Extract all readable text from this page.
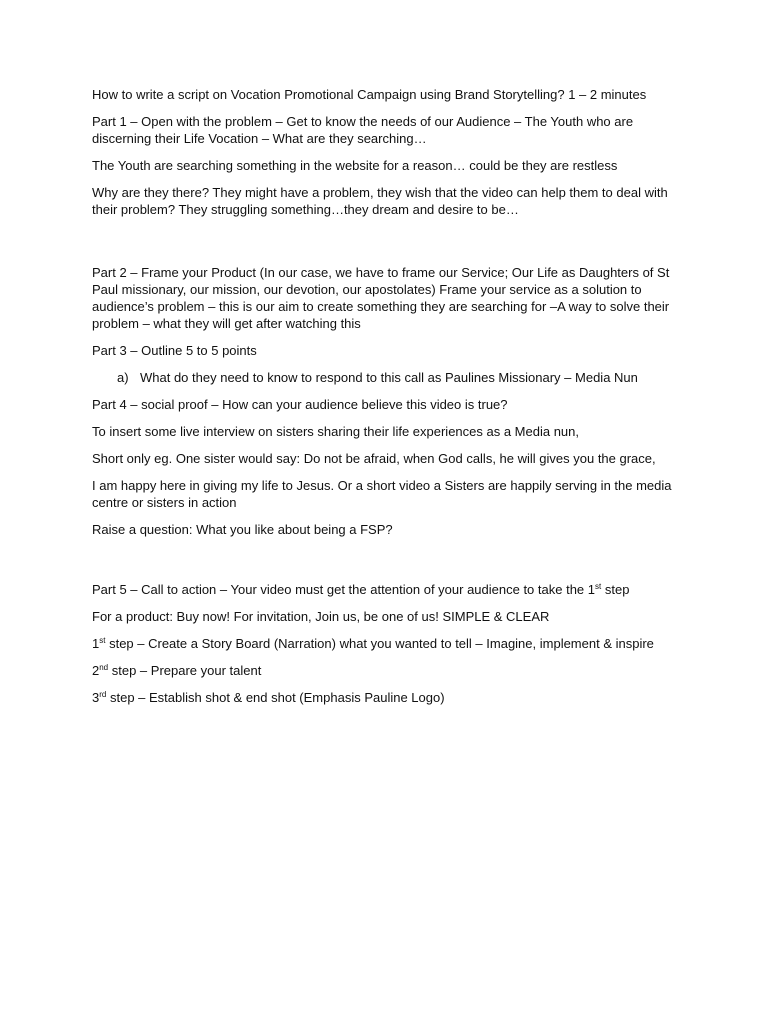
How to write a script on Vocation Promotional Campaign using Brand Storytelling? 1 – 2 minutes

Part 1 – Open with the problem – Get to know the needs of our Audience – The Youth who are discerning their Life Vocation – What are they searching…

The Youth are searching something in the website for a reason… could be they are restless

Why are they there? They might have a problem, they wish that the video can help them to deal with their problem? They struggling something…they dream and desire to be…

Part 2 – Frame your Product (In our case, we have to frame our Service; Our Life as Daughters of St Paul missionary, our mission, our devotion, our apostolates) Frame your service as a solution to audience’s problem – this is our aim to create something they are searching for –A way to solve their problem – what they will get after watching this

Part 3 – Outline 5 to 5 points

a) What do they need to know to respond to this call as Paulines Missionary – Media Nun

Part 4 – social proof – How can your audience believe this video is true?

To insert some live interview on sisters sharing their life experiences as a Media nun,

Short only eg. One sister would say: Do not be afraid, when God calls, he will gives you the grace,

I am happy here in giving my life to Jesus. Or a short video a Sisters are happily serving in the media centre or sisters in action

Raise a question: What you like about being a FSP?

Part 5 – Call to action – Your video must get the attention of your audience to take the 1st step

For a product: Buy now! For invitation, Join us, be one of us! SIMPLE & CLEAR

1st step – Create a Story Board (Narration) what you wanted to tell – Imagine, implement & inspire

2nd step – Prepare your talent

3rd step – Establish shot & end shot (Emphasis Pauline Logo)
